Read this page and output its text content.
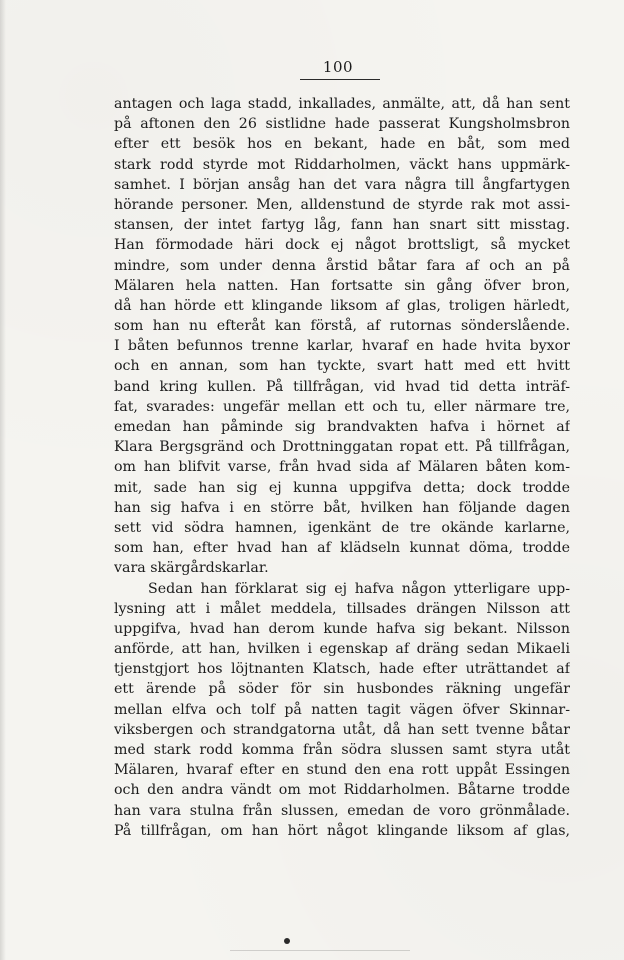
100
antagen och laga stadd, inkallades, anmälte, att, då han sent
på aftonen den 26 sistlidne hade passerat Kungsholmsbron
efter ett besök hos en bekant, hade en båt, som med
stark rodd styrde mot Riddarholmen, väckt hans uppmärk-
samhet. I början ansåg han det vara några till ångfartygen
hörande personer. Men, alldenstund de styrde rak mot assi-
stansen, der intet fartyg låg, fann han snart sitt misstag.
Han förmodade häri dock ej något brottsligt, så mycket
mindre, som under denna årstid båtar fara af och an på
Mälaren hela natten. Han fortsatte sin gång öfver bron,
då han hörde ett klingande liksom af glas, troligen härledt,
som han nu efteråt kan förstå, af rutornas sönderslående.
I båten befunnos trenne karlar, hvaraf en hade hvita byxor
och en annan, som han tyckte, svart hatt med ett hvitt
band kring kullen. På tillfrågan, vid hvad tid detta inträf-
fat, svarades: ungefär mellan ett och tu, eller närmare tre,
emedan han påminde sig brandvakten hafva i hörnet af
Klara Bergsgränd och Drottninggatan ropat ett. På tillfrågan,
om han blifvit varse, från hvad sida af Mälaren båten kom-
mit, sade han sig ej kunna uppgifva detta; dock trodde
han sig hafva i en större båt, hvilken han följande dagen
sett vid södra hamnen, igenkänt de tre okände karlarne,
som han, efter hvad han af klädseln kunnat döma, trodde
vara skärgårdskarlar.
Sedan han förklarat sig ej hafva någon ytterligare upp-
lysning att i målet meddela, tillsades drängen Nilsson att
uppgifva, hvad han derom kunde hafva sig bekant. Nilsson
anförde, att han, hvilken i egenskap af dräng sedan Mikaeli
tjenstgjort hos löjtnanten Klatsch, hade efter uträttandet af
ett ärende på söder för sin husbondes räkning ungefär
mellan elfva och tolf på natten tagit vägen öfver Skinnar-
viksbergen och strandgatorna utåt, då han sett tvenne båtar
med stark rodd komma från södra slussen samt styra utåt
Mälaren, hvaraf efter en stund den ena rott uppåt Essingen
och den andra vändt om mot Riddarholmen. Båtarne trodde
han vara stulna från slussen, emedan de voro grönmålade.
På tillfrågan, om han hört något klingande liksom af glas,
